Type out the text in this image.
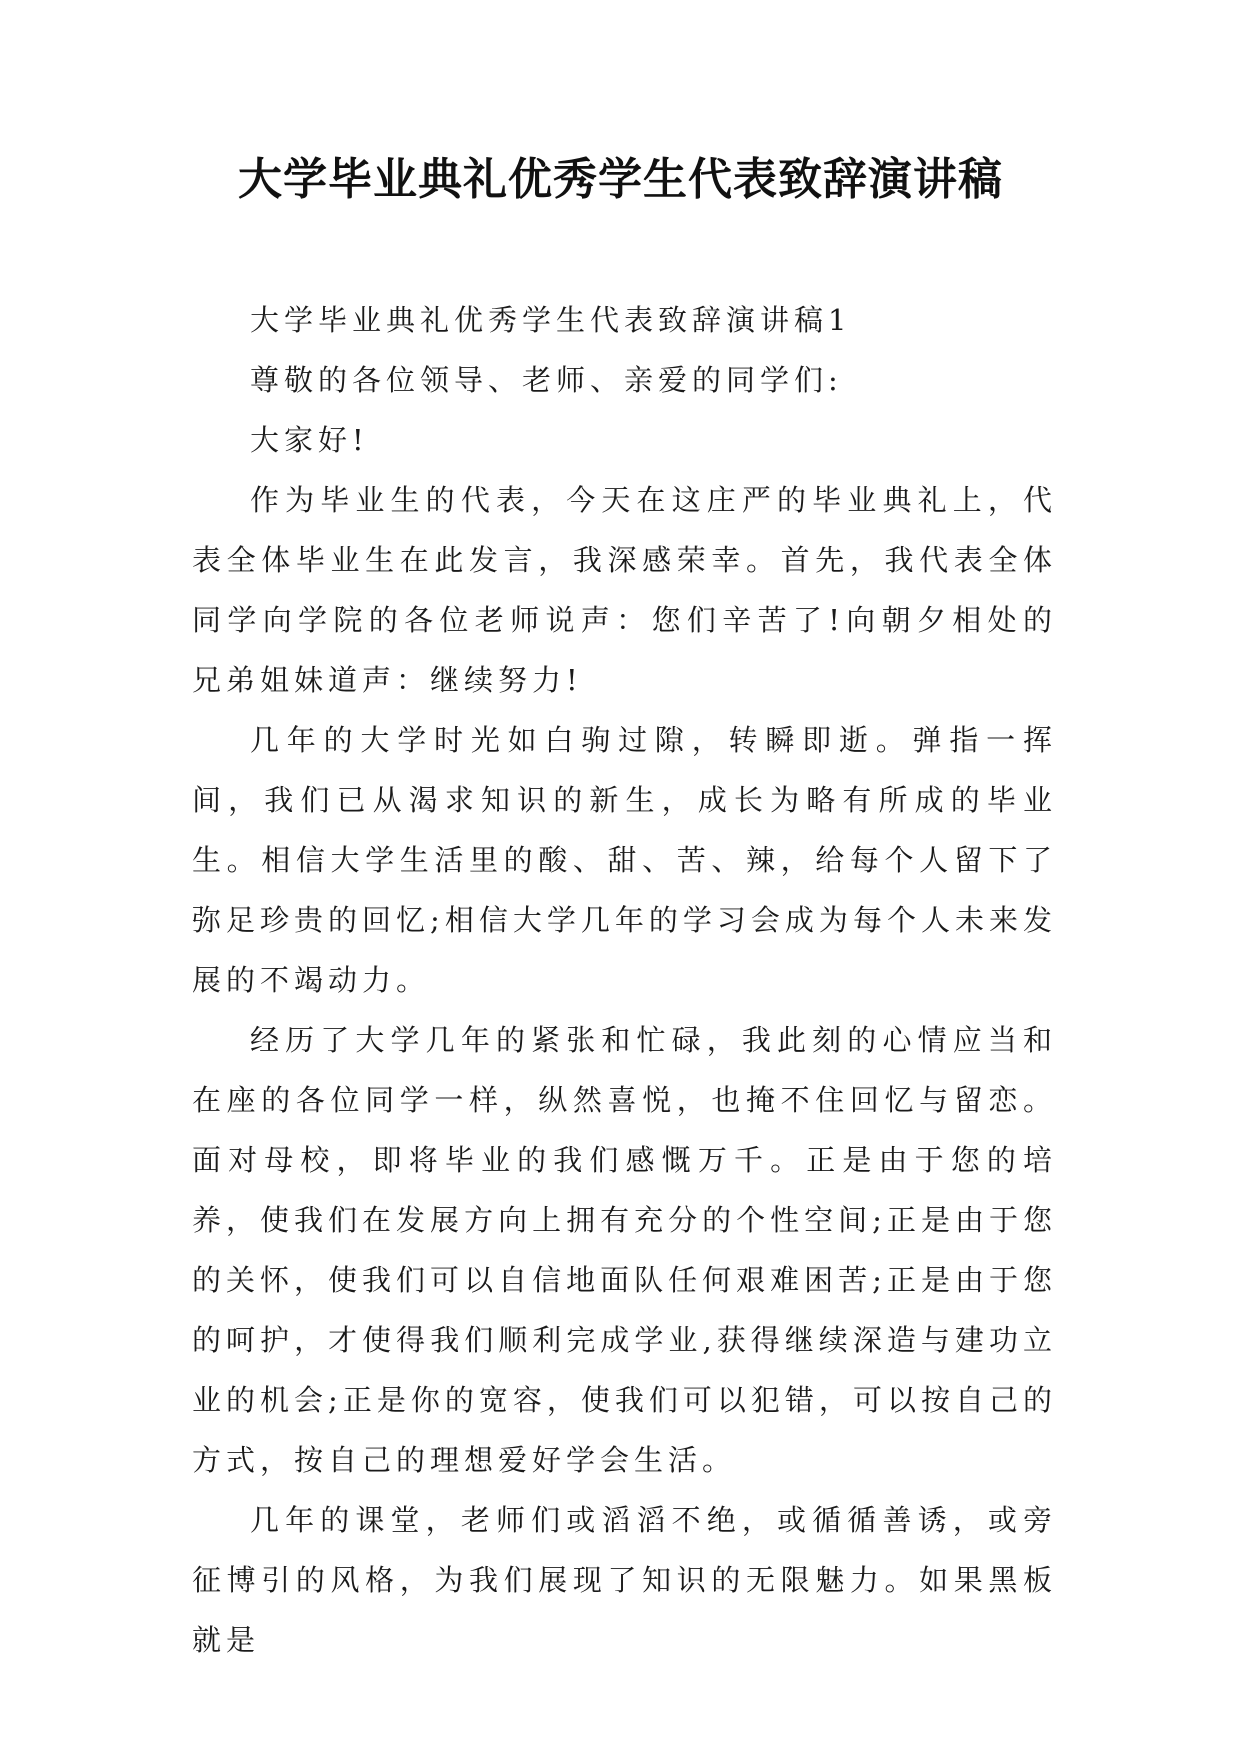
大学毕业典礼优秀学生代表致辞演讲稿

大学毕业典礼优秀学生代表致辞演讲稿1

尊敬的各位领导、老师、亲爱的同学们:

大家好!

作为毕业生的代表，今天在这庄严的毕业典礼上，代表全体毕业生在此发言，我深感荣幸。首先，我代表全体同学向学院的各位老师说声：您们辛苦了!向朝夕相处的兄弟姐妹道声：继续努力!

几年的大学时光如白驹过隙，转瞬即逝。弹指一挥间，我们已从渴求知识的新生，成长为略有所成的毕业生。相信大学生活里的酸、甜、苦、辣，给每个人留下了弥足珍贵的回忆;相信大学几年的学习会成为每个人未来发展的不竭动力。

经历了大学几年的紧张和忙碌，我此刻的心情应当和在座的各位同学一样，纵然喜悦，也掩不住回忆与留恋。面对母校，即将毕业的我们感慨万千。正是由于您的培养，使我们在发展方向上拥有充分的个性空间;正是由于您的关怀，使我们可以自信地面队任何艰难困苦;正是由于您的呵护，才使得我们顺利完成学业,获得继续深造与建功立业的机会;正是你的宽容，使我们可以犯错，可以按自己的方式，按自己的理想爱好学会生活。

几年的课堂，老师们或滔滔不绝，或循循善诱，或旁征博引的风格，为我们展现了知识的无限魅力。如果黑板就是
